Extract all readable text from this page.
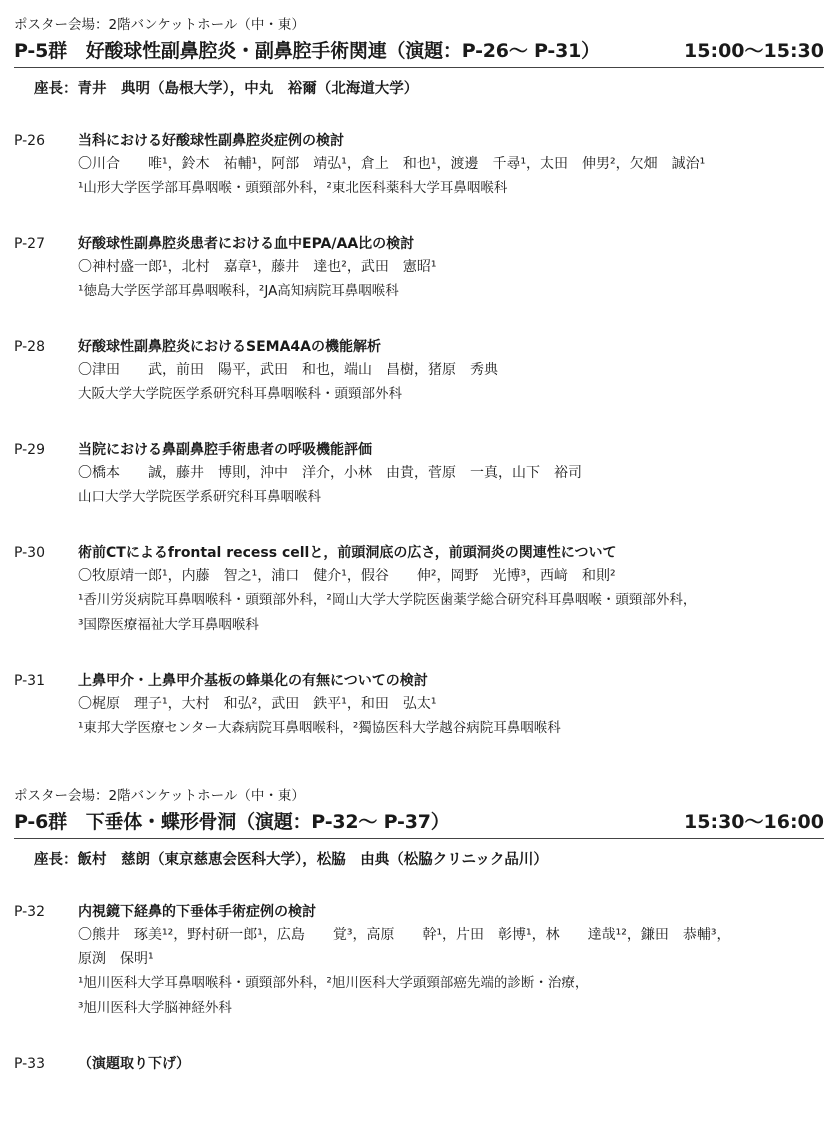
ポスター会場：2階バンケットホール（中・東）
P-5群　好酸球性副鼻腔炎・副鼻腔手術関連（演題：P-26～ P-31）	15:00～15:30
座長：青井　典明（島根大学），中丸　裕爾（北海道大学）
P-26	当科における好酸球性副鼻腔炎症例の検討
〇川合　　唯¹，鈴木　祐輔¹，阿部　靖弘¹，倉上　和也¹，渡邊　千尋¹，太田　伸男²，欠畑　誠治¹
¹山形大学医学部耳鼻咽喉・頭頸部外科，²東北医科薬科大学耳鼻咽喉科
P-27	好酸球性副鼻腔炎患者における血中EPA/AA比の検討
〇神村盛一郎¹，北村　嘉章¹，藤井　達也²，武田　憲昭¹
¹徳島大学医学部耳鼻咽喉科，²JA高知病院耳鼻咽喉科
P-28	好酸球性副鼻腔炎におけるSEMA4Aの機能解析
〇津田　　武，前田　陽平，武田　和也，端山　昌樹，猪原　秀典
大阪大学大学院医学系研究科耳鼻咽喉科・頭頸部外科
P-29	当院における鼻副鼻腔手術患者の呼吸機能評価
〇橋本　　誠，藤井　博則，沖中　洋介，小林　由貴，菅原　一真，山下　裕司
山口大学大学院医学系研究科耳鼻咽喉科
P-30	術前CTによるfrontal recess cellと，前頭洞底の広さ，前頭洞炎の関連性について
〇牧原靖一郎¹，内藤　智之¹，浦口　健介¹，假谷　　伸²，岡野　光博³，西﨑　和則²
¹香川労災病院耳鼻咽喉科・頭頸部外科，²岡山大学大学院医歯薬学総合研究科耳鼻咽喉・頭頸部外科，
³国際医療福祉大学耳鼻咽喉科
P-31	上鼻甲介・上鼻甲介基板の蜂巣化の有無についての検討
〇梶原　理子¹，大村　和弘²，武田　鉄平¹，和田　弘太¹
¹東邦大学医療センター大森病院耳鼻咽喉科，²獨協医科大学越谷病院耳鼻咽喉科
ポスター会場：2階バンケットホール（中・東）
P-6群　下垂体・蝶形骨洞（演題：P-32～ P-37）	15:30～16:00
座長：飯村　慈朗（東京慈恵会医科大学），松脇　由典（松脇クリニック品川）
P-32	内視鏡下経鼻的下垂体手術症例の検討
〇熊井　琢美¹²，野村研一郎¹，広島　　覚³，高原　　幹¹，片田　彰博¹，林　　達哉¹²，鎌田　恭輔³，
原渕　保明¹
¹旭川医科大学耳鼻咽喉科・頭頸部外科，²旭川医科大学頭頸部癌先端的診断・治療，
³旭川医科大学脳神経外科
P-33	（演題取り下げ）
